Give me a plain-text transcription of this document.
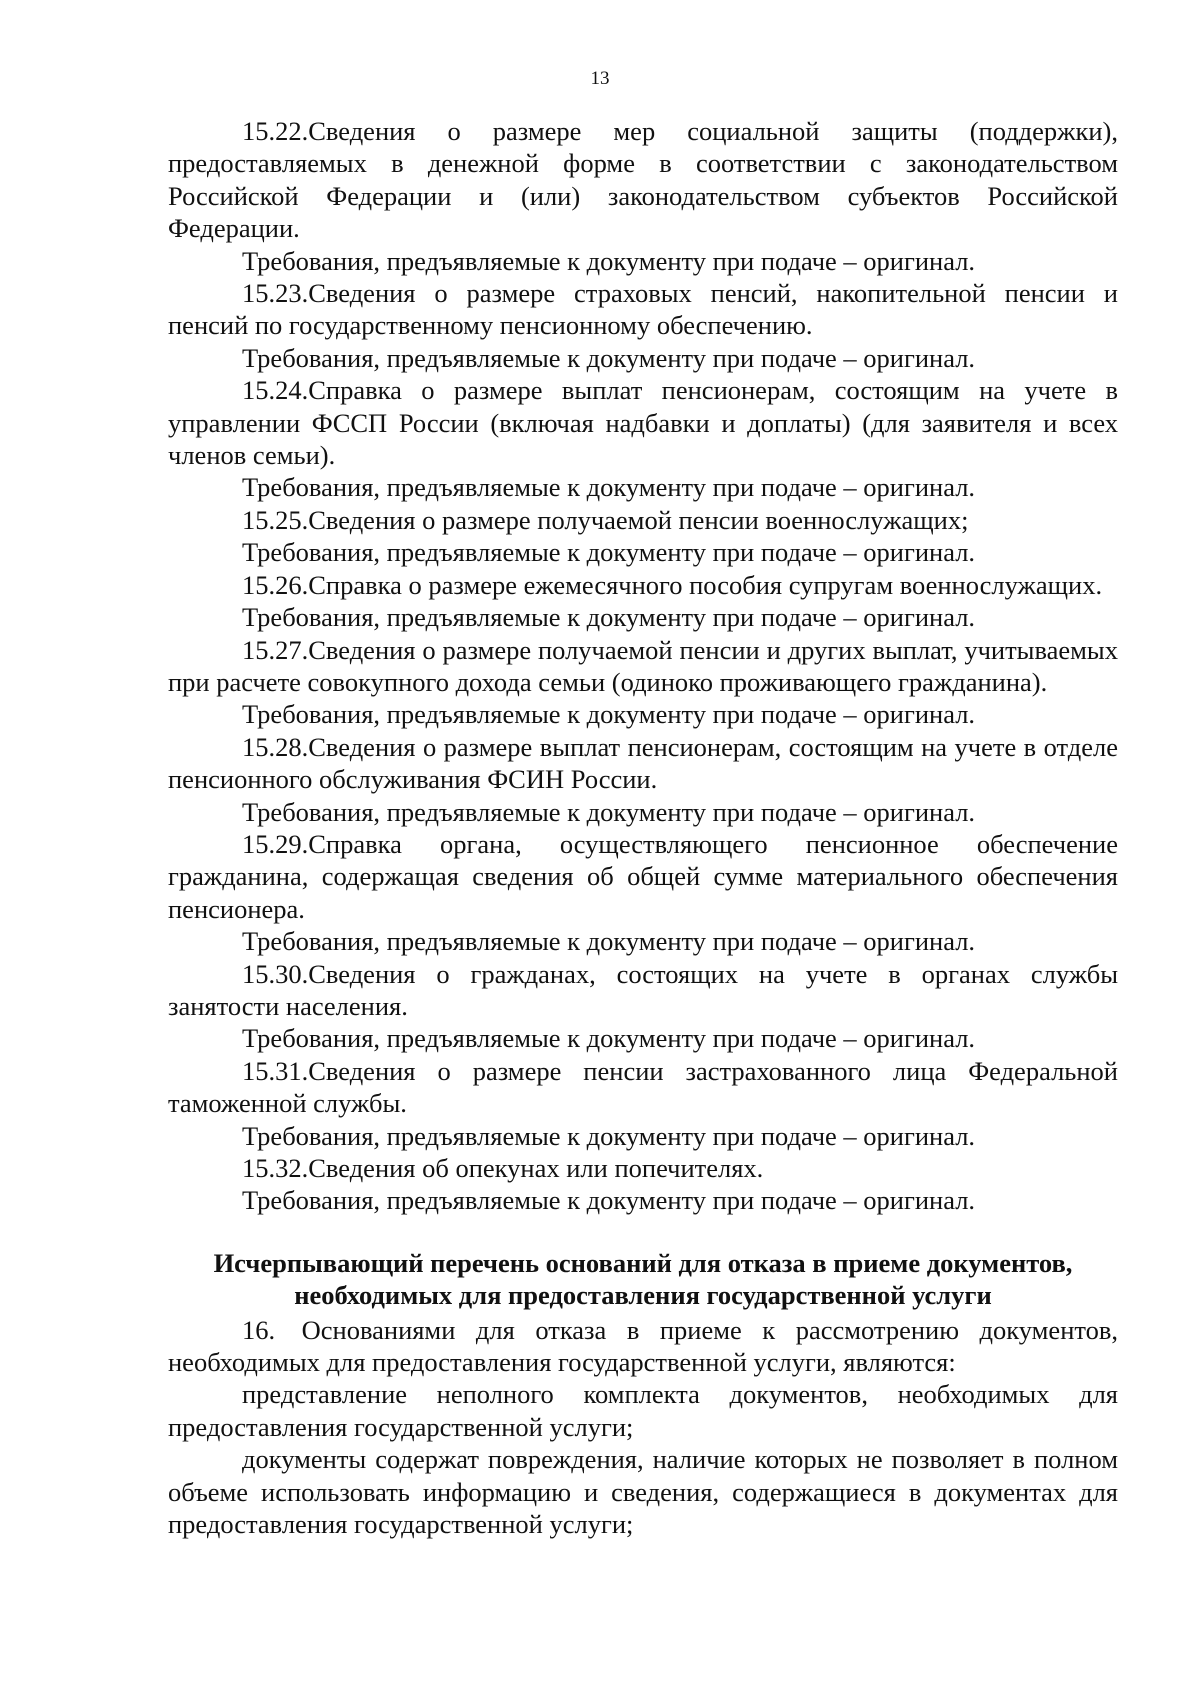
13

15.22.Сведения о размере мер социальной защиты (поддержки), предоставляемых в денежной форме в соответствии с законодательством Российской Федерации и (или) законодательством субъектов Российской Федерации.

Требования, предъявляемые к документу при подаче – оригинал.

15.23.Сведения о размере страховых пенсий, накопительной пенсии и пенсий по государственному пенсионному обеспечению.

Требования, предъявляемые к документу при подаче – оригинал.

15.24.Справка о размере выплат пенсионерам, состоящим на учете в управлении ФССП России (включая надбавки и доплаты) (для заявителя и всех членов семьи).

Требования, предъявляемые к документу при подаче – оригинал.

15.25.Сведения о размере получаемой пенсии военнослужащих;

Требования, предъявляемые к документу при подаче – оригинал.

15.26.Справка о размере ежемесячного пособия супругам военнослужащих.

Требования, предъявляемые к документу при подаче – оригинал.

15.27.Сведения о размере получаемой пенсии и других выплат, учитываемых при расчете совокупного дохода семьи (одиноко проживающего гражданина).

Требования, предъявляемые к документу при подаче – оригинал.

15.28.Сведения о размере выплат пенсионерам, состоящим на учете в отделе пенсионного обслуживания ФСИН России.

Требования, предъявляемые к документу при подаче – оригинал.

15.29.Справка органа, осуществляющего пенсионное обеспечение гражданина, содержащая сведения об общей сумме материального обеспечения пенсионера.

Требования, предъявляемые к документу при подаче – оригинал.

15.30.Сведения о гражданах, состоящих на учете в органах службы занятости населения.

Требования, предъявляемые к документу при подаче – оригинал.

15.31.Сведения о размере пенсии застрахованного лица Федеральной таможенной службы.

Требования, предъявляемые к документу при подаче – оригинал.

15.32.Сведения об опекунах или попечителях.

Требования, предъявляемые к документу при подаче – оригинал.

Исчерпывающий перечень оснований для отказа в приеме документов,
необходимых для предоставления государственной услуги

16. Основаниями для отказа в приеме к рассмотрению документов, необходимых для предоставления государственной услуги, являются:

представление неполного комплекта документов, необходимых для предоставления государственной услуги;

документы содержат повреждения, наличие которых не позволяет в полном объеме использовать информацию и сведения, содержащиеся в документах для предоставления государственной услуги;
